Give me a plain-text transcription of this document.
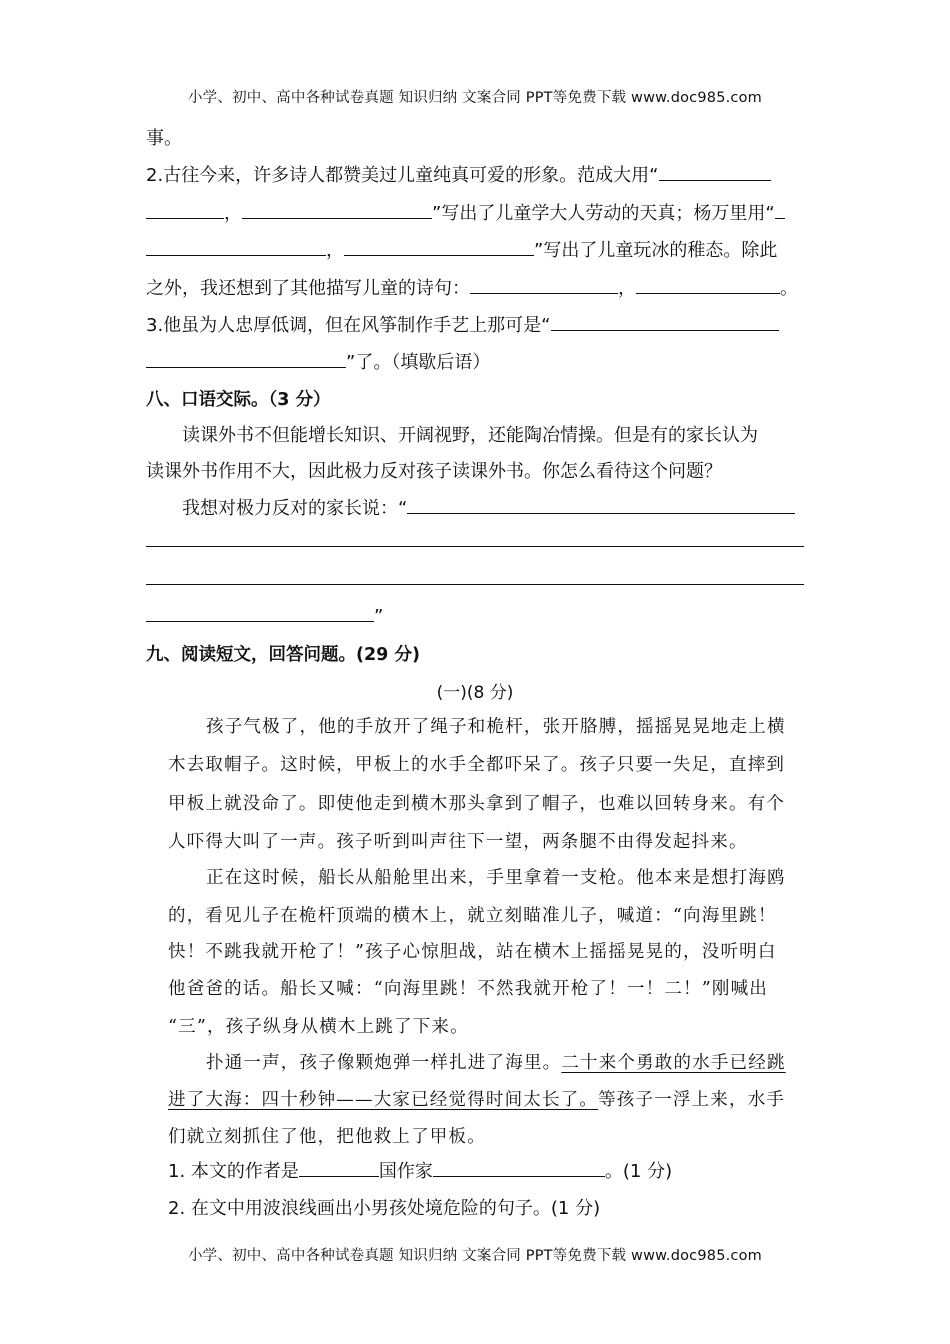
小学、初中、高中各种试卷真题 知识归纳 文案合同 PPT等免费下载 www.doc985.com
事。
2.古往今来，许多诗人都赞美过儿童纯真可爱的形象。范成大用“
，	”写出了儿童学大人劳动的天真；杨万里用“
，	”写出了儿童玩冰的稚态。除此
之外，我还想到了其他描写儿童的诗句：	，	。
3.他虽为人忠厚低调，但在风筝制作手艺上那可是“
”了。（填歇后语）
八、口语交际。（3 分）
读课外书不但能增长知识、开阔视野，还能陶冶情操。但是有的家长认为
读课外书作用不大，因此极力反对孩子读课外书。你怎么看待这个问题？
我想对极力反对的家长说：“
”
九、阅读短文，回答问题。(29 分)
(一)(8 分)
孩子气极了，他的手放开了绳子和桅杆，张开胳膊，摇摇晃晃地走上横
木去取帽子。这时候，甲板上的水手全都吓呆了。孩子只要一失足，直摔到
甲板上就没命了。即使他走到横木那头拿到了帽子，也难以回转身来。有个
人吓得大叫了一声。孩子听到叫声往下一望，两条腿不由得发起抖来。
正在这时候，船长从船舱里出来，手里拿着一支枪。他本来是想打海鸥
的，看见儿子在桅杆顶端的横木上，就立刻瞄准儿子，喊道：“向海里跳！
快！不跳我就开枪了！”孩子心惊胆战，站在横木上摇摇晃晃的，没听明白
他爸爸的话。船长又喊：“向海里跳！不然我就开枪了！一！二！”刚喊出
“三”，孩子纵身从横木上跳了下来。
扑通一声，孩子像颗炮弹一样扎进了海里。二十来个勇敢的水手已经跳
进了大海：四十秒钟——大家已经觉得时间太长了。等孩子一浮上来，水手
们就立刻抓住了他，把他救上了甲板。
1. 本文的作者是	国作家	。(1 分)
2. 在文中用波浪线画出小男孩处境危险的句子。(1 分)
小学、初中、高中各种试卷真题 知识归纳 文案合同 PPT等免费下载 www.doc985.com
